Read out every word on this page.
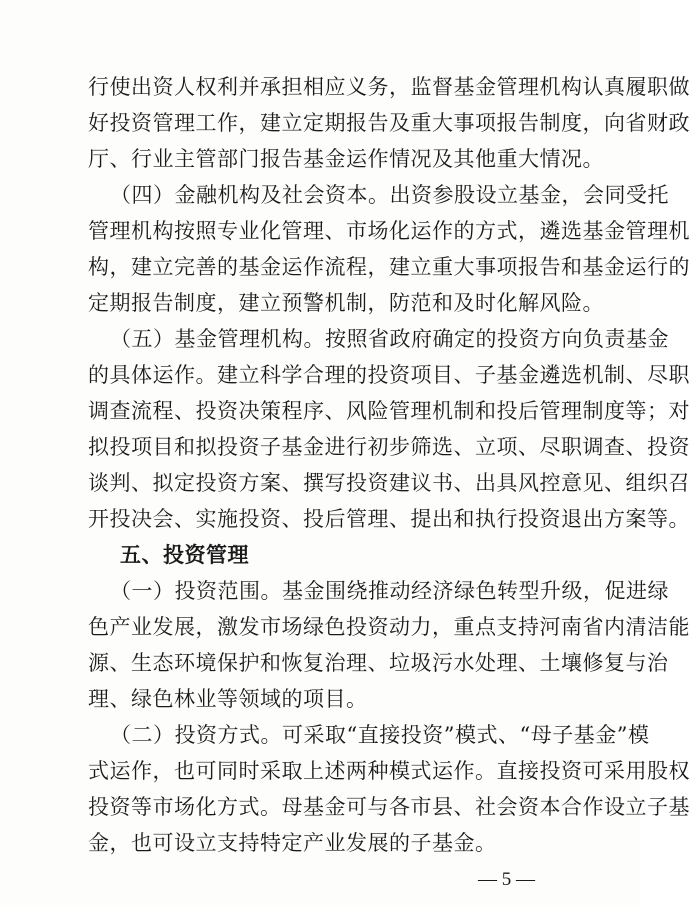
行使出资人权利并承担相应义务，监督基金管理机构认真履职做
好投资管理工作，建立定期报告及重大事项报告制度，向省财政
厅、行业主管部门报告基金运作情况及其他重大情况。
（四）金融机构及社会资本。出资参股设立基金，会同受托
管理机构按照专业化管理、市场化运作的方式，遴选基金管理机
构，建立完善的基金运作流程，建立重大事项报告和基金运行的
定期报告制度，建立预警机制，防范和及时化解风险。
（五）基金管理机构。按照省政府确定的投资方向负责基金
的具体运作。建立科学合理的投资项目、子基金遴选机制、尽职
调查流程、投资决策程序、风险管理机制和投后管理制度等；对
拟投项目和拟投资子基金进行初步筛选、立项、尽职调查、投资
谈判、拟定投资方案、撰写投资建议书、出具风控意见、组织召
开投决会、实施投资、投后管理、提出和执行投资退出方案等。
五、投资管理
（一）投资范围。基金围绕推动经济绿色转型升级，促进绿
色产业发展，激发市场绿色投资动力，重点支持河南省内清洁能
源、生态环境保护和恢复治理、垃圾污水处理、土壤修复与治
理、绿色林业等领域的项目。
（二）投资方式。可采取“直接投资”模式、“母子基金”模
式运作，也可同时采取上述两种模式运作。直接投资可采用股权
投资等市场化方式。母基金可与各市县、社会资本合作设立子基
金，也可设立支持特定产业发展的子基金。
— 5 —
